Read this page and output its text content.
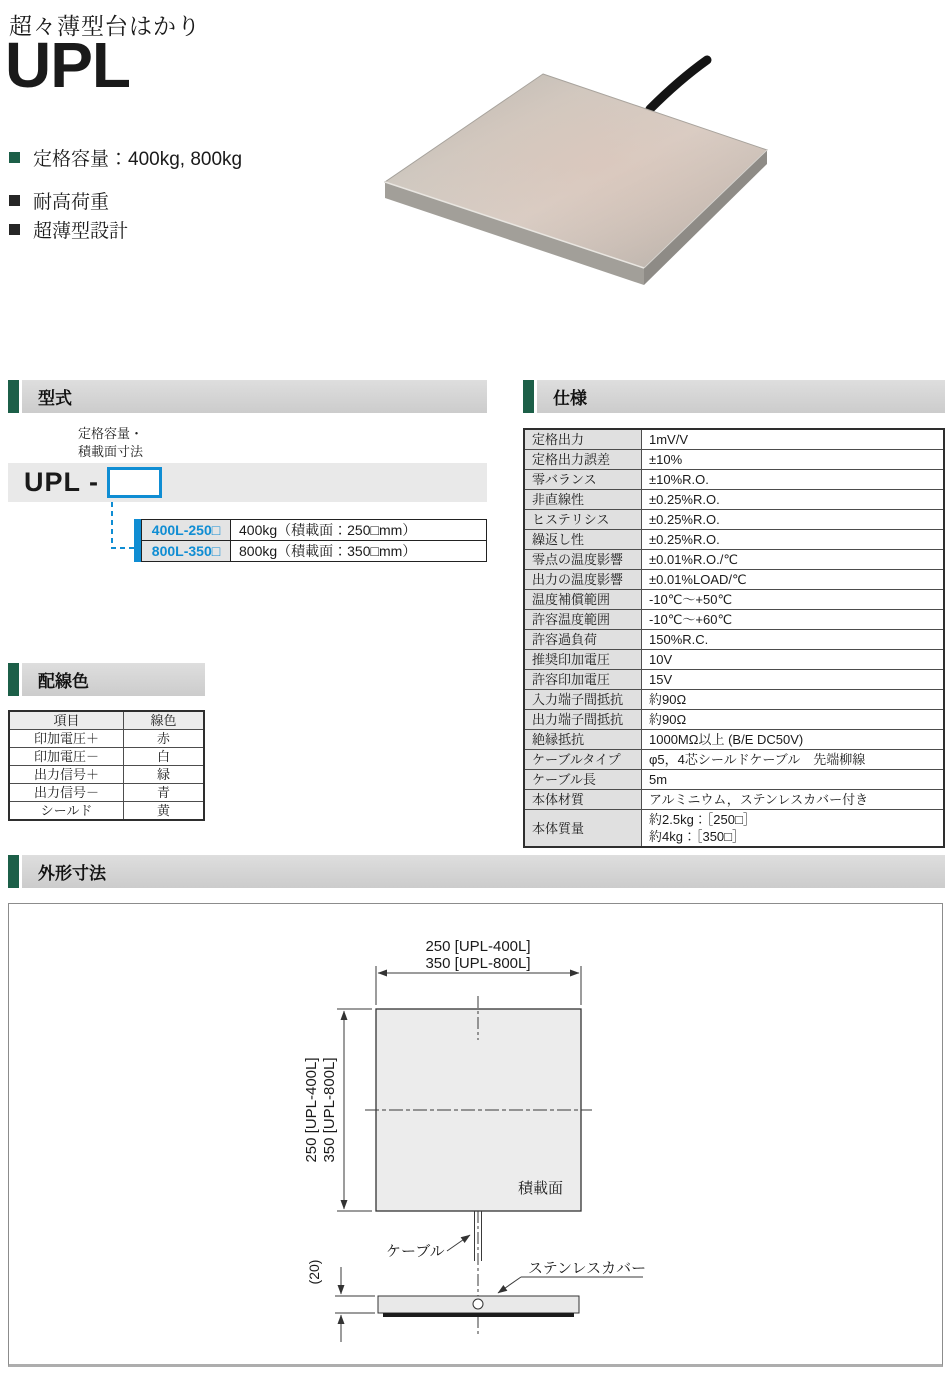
超々薄型台はかり
UPL
定格容量：400kg, 800kg
耐高荷重
超薄型設計
型式	仕様
配線色
外形寸法
定格容量・
積載面寸法
UPL -
400L-250□	400kg（積載面：250□mm）
800L-350□	800kg（積載面：350□mm）
定格出力	1mV/V

定格出力誤差	±10%

零バランス	±10%R.O.

非直線性	±0.25%R.O.

ヒステリシス	±0.25%R.O.

繰返し性	±0.25%R.O.

零点の温度影響	±0.01%R.O./℃

出力の温度影響	±0.01%LOAD/℃

温度補償範囲	-10℃～+50℃

許容温度範囲	-10℃～+60℃

許容過負荷	150%R.C.

推奨印加電圧	10V

許容印加電圧	15V

入力端子間抵抗	約90Ω

出力端子間抵抗	約90Ω

絶縁抵抗	1000MΩ以上 (B/E DC50V)

ケーブルタイプ	φ5，4芯シールドケーブル　先端柳線

ケーブル長	5m

本体材質	アルミニウム，ステンレスカバー付き

本体質量	約2.5kg：［250□］
約4kg：［350□］
項目	線色
印加電圧＋	赤
印加電圧－	白
出力信号＋	緑
出力信号－	青
シールド	黄
250 [UPL-400L]
350 [UPL-800L]
250 [UPL-400L] 350 [UPL-800L]
積載面
ケーブル
ステンレスカバー
(20)
